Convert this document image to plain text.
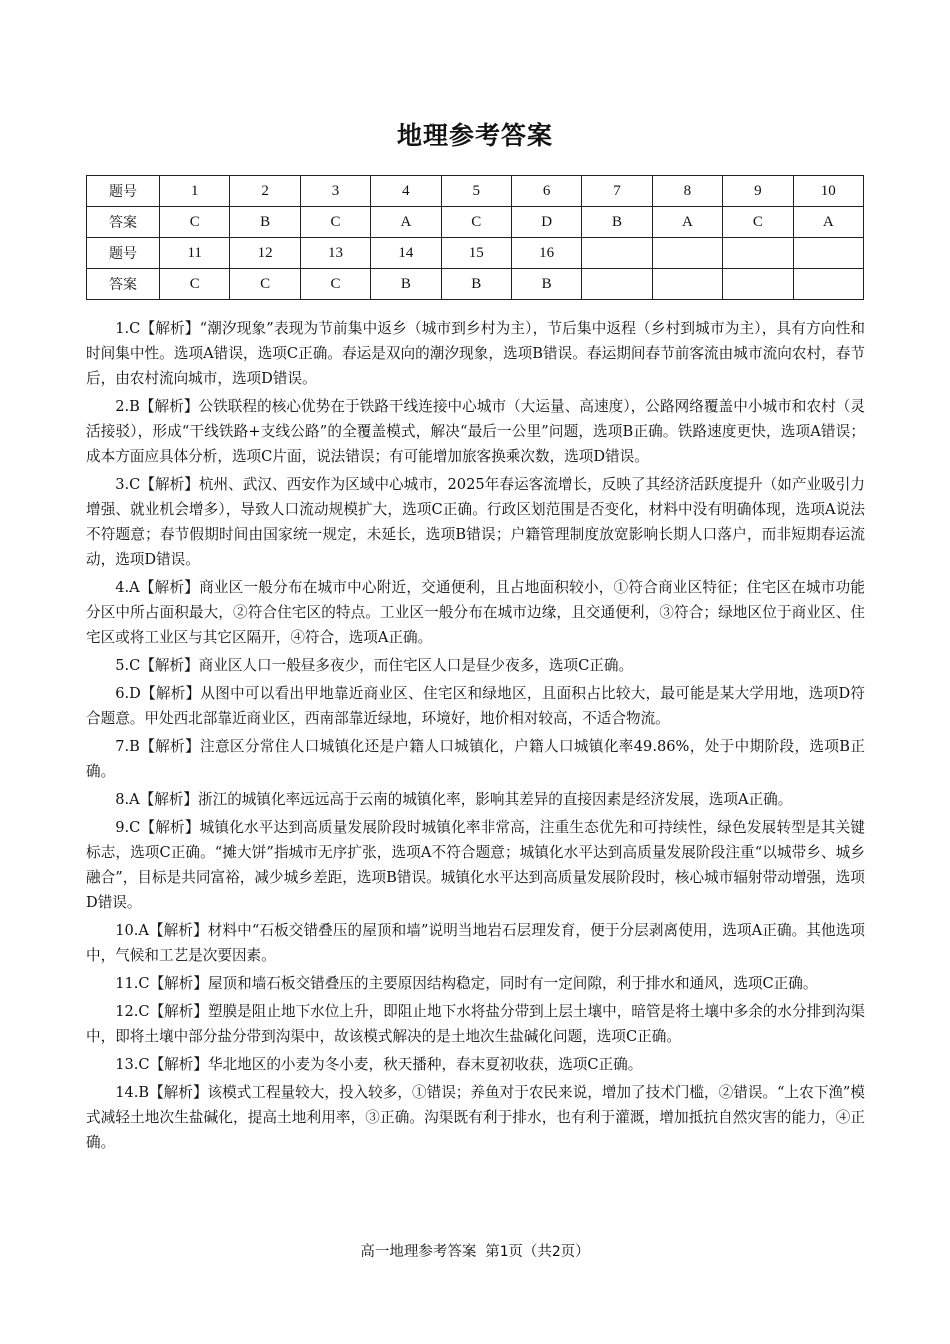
地理参考答案
题号	1	2	3	4	5	6	7	8	9	10
答案	C	B	C	A	C	D	B	A	C	A
题号	11	12	13	14	15	16				
答案	C	C	C	B	B	B				

1.C【解析】“潮汐现象”表现为节前集中返乡（城市到乡村为主），节后集中返程（乡村到城市为主），具有方向性和时间集中性。选项A错误，选项C正确。春运是双向的潮汐现象，选项B错误。春运期间春节前客流由城市流向农村，春节后，由农村流向城市，选项D错误。

2.B【解析】公铁联程的核心优势在于铁路干线连接中心城市（大运量、高速度），公路网络覆盖中小城市和农村（灵活接驳），形成“干线铁路+支线公路”的全覆盖模式，解决“最后一公里”问题，选项B正确。铁路速度更快，选项A错误；成本方面应具体分析，选项C片面，说法错误；有可能增加旅客换乘次数，选项D错误。

3.C【解析】杭州、武汉、西安作为区域中心城市，2025年春运客流增长，反映了其经济活跃度提升（如产业吸引力增强、就业机会增多），导致人口流动规模扩大，选项C正确。行政区划范围是否变化，材料中没有明确体现，选项A说法不符题意；春节假期时间由国家统一规定，未延长，选项B错误；户籍管理制度放宽影响长期人口落户，而非短期春运流动，选项D错误。

4.A【解析】商业区一般分布在城市中心附近，交通便利，且占地面积较小，①符合商业区特征；住宅区在城市功能分区中所占面积最大，②符合住宅区的特点。工业区一般分布在城市边缘，且交通便利，③符合；绿地区位于商业区、住宅区或将工业区与其它区隔开，④符合，选项A正确。

5.C【解析】商业区人口一般昼多夜少，而住宅区人口是昼少夜多，选项C正确。

6.D【解析】从图中可以看出甲地靠近商业区、住宅区和绿地区，且面积占比较大，最可能是某大学用地，选项D符合题意。甲处西北部靠近商业区，西南部靠近绿地，环境好，地价相对较高，不适合物流。

7.B【解析】注意区分常住人口城镇化还是户籍人口城镇化，户籍人口城镇化率49.86%，处于中期阶段，选项B正确。

8.A【解析】浙江的城镇化率远远高于云南的城镇化率，影响其差异的直接因素是经济发展，选项A正确。

9.C【解析】城镇化水平达到高质量发展阶段时城镇化率非常高，注重生态优先和可持续性，绿色发展转型是其关键标志，选项C正确。“摊大饼”指城市无序扩张，选项A不符合题意；城镇化水平达到高质量发展阶段注重“以城带乡、城乡融合”，目标是共同富裕，减少城乡差距，选项B错误。城镇化水平达到高质量发展阶段时，核心城市辐射带动增强，选项D错误。

10.A【解析】材料中“石板交错叠压的屋顶和墙”说明当地岩石层理发育，便于分层剥离使用，选项A正确。其他选项中，气候和工艺是次要因素。

11.C【解析】屋顶和墙石板交错叠压的主要原因结构稳定，同时有一定间隙，利于排水和通风，选项C正确。

12.C【解析】塑膜是阻止地下水位上升，即阻止地下水将盐分带到上层土壤中，暗管是将土壤中多余的水分排到沟渠中，即将土壤中部分盐分带到沟渠中，故该模式解决的是土地次生盐碱化问题，选项C正确。

13.C【解析】华北地区的小麦为冬小麦，秋天播种，春末夏初收获，选项C正确。

14.B【解析】该模式工程量较大，投入较多，①错误；养鱼对于农民来说，增加了技术门槛，②错误。“上农下渔”模式减轻土地次生盐碱化，提高土地利用率，③正确。沟渠既有利于排水，也有利于灌溉，增加抵抗自然灾害的能力，④正确。

高一地理参考答案 第1页（共2页）
